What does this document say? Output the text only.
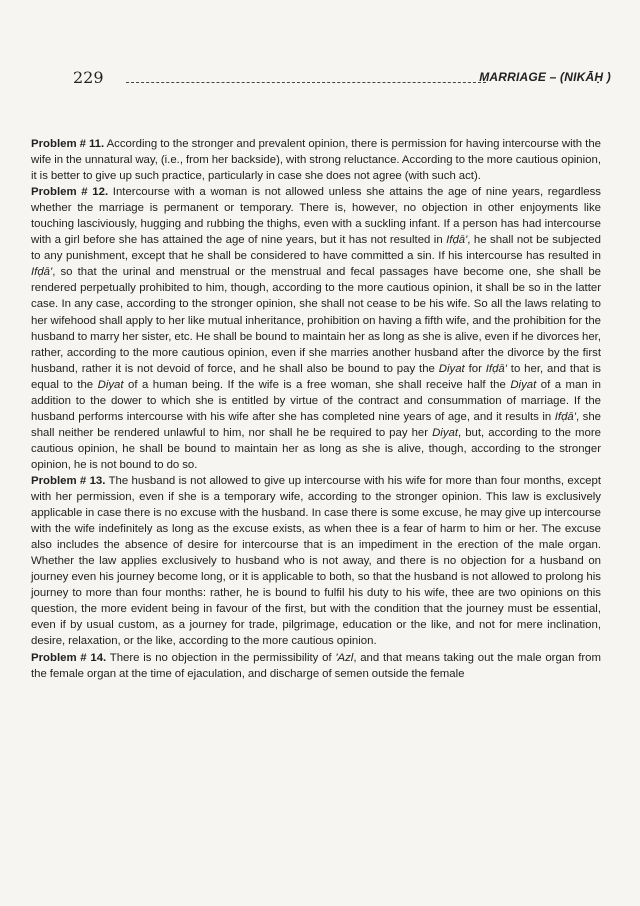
229	MARRIAGE – (NIKĀḤ )

Problem # 11. According to the stronger and prevalent opinion, there is permission for having intercourse with the wife in the unnatural way, (i.e., from her backside), with strong reluctance. According to the more cautious opinion, it is better to give up such practice, particularly in case she does not agree (with such act).

Problem # 12. Intercourse with a woman is not allowed unless she attains the age of nine years, regardless whether the marriage is permanent or temporary. There is, however, no objection in other enjoyments like touching lasciviously, hugging and rubbing the thighs, even with a suckling infant. If a person has had intercourse with a girl before she has attained the age of nine years, but it has not resulted in Ifḍā', he shall not be subjected to any punishment, except that he shall be considered to have committed a sin. If his intercourse has resulted in Ifḍā', so that the urinal and menstrual or the menstrual and fecal passages have become one, she shall be rendered perpetually prohibited to him, though, according to the more cautious opinion, it shall be so in the latter case. In any case, according to the stronger opinion, she shall not cease to be his wife. So all the laws relating to her wifehood shall apply to her like mutual inheritance, prohibition on having a fifth wife, and the prohibition for the husband to marry her sister, etc. He shall be bound to maintain her as long as she is alive, even if he divorces her, rather, according to the more cautious opinion, even if she marries another husband after the divorce by the first husband, rather it is not devoid of force, and he shall also be bound to pay the Diyat for Ifḍā' to her, and that is equal to the Diyat of a human being. If the wife is a free woman, she shall receive half the Diyat of a man in addition to the dower to which she is entitled by virtue of the contract and consummation of marriage. If the husband performs intercourse with his wife after she has completed nine years of age, and it results in Ifḍā', she shall neither be rendered unlawful to him, nor shall he be required to pay her Diyat, but, according to the more cautious opinion, he shall be bound to maintain her as long as she is alive, though, according to the stronger opinion, he is not bound to do so.

Problem # 13. The husband is not allowed to give up intercourse with his wife for more than four months, except with her permission, even if she is a temporary wife, according to the stronger opinion. This law is exclusively applicable in case there is no excuse with the husband. In case there is some excuse, he may give up intercourse with the wife indefinitely as long as the excuse exists, as when thee is a fear of harm to him or her. The excuse also includes the absence of desire for intercourse that is an impediment in the erection of the male organ. Whether the law applies exclusively to husband who is not away, and there is no objection for a husband on journey even his journey become long, or it is applicable to both, so that the husband is not allowed to prolong his journey to more than four months: rather, he is bound to fulfil his duty to his wife, thee are two opinions on this question, the more evident being in favour of the first, but with the condition that the journey must be essential, even if by usual custom, as a journey for trade, pilgrimage, education or the like, and not for mere inclination, desire, relaxation, or the like, according to the more cautious opinion.

Problem # 14. There is no objection in the permissibility of 'Azl, and that means taking out the male organ from the female organ at the time of ejaculation, and discharge of semen outside the female
